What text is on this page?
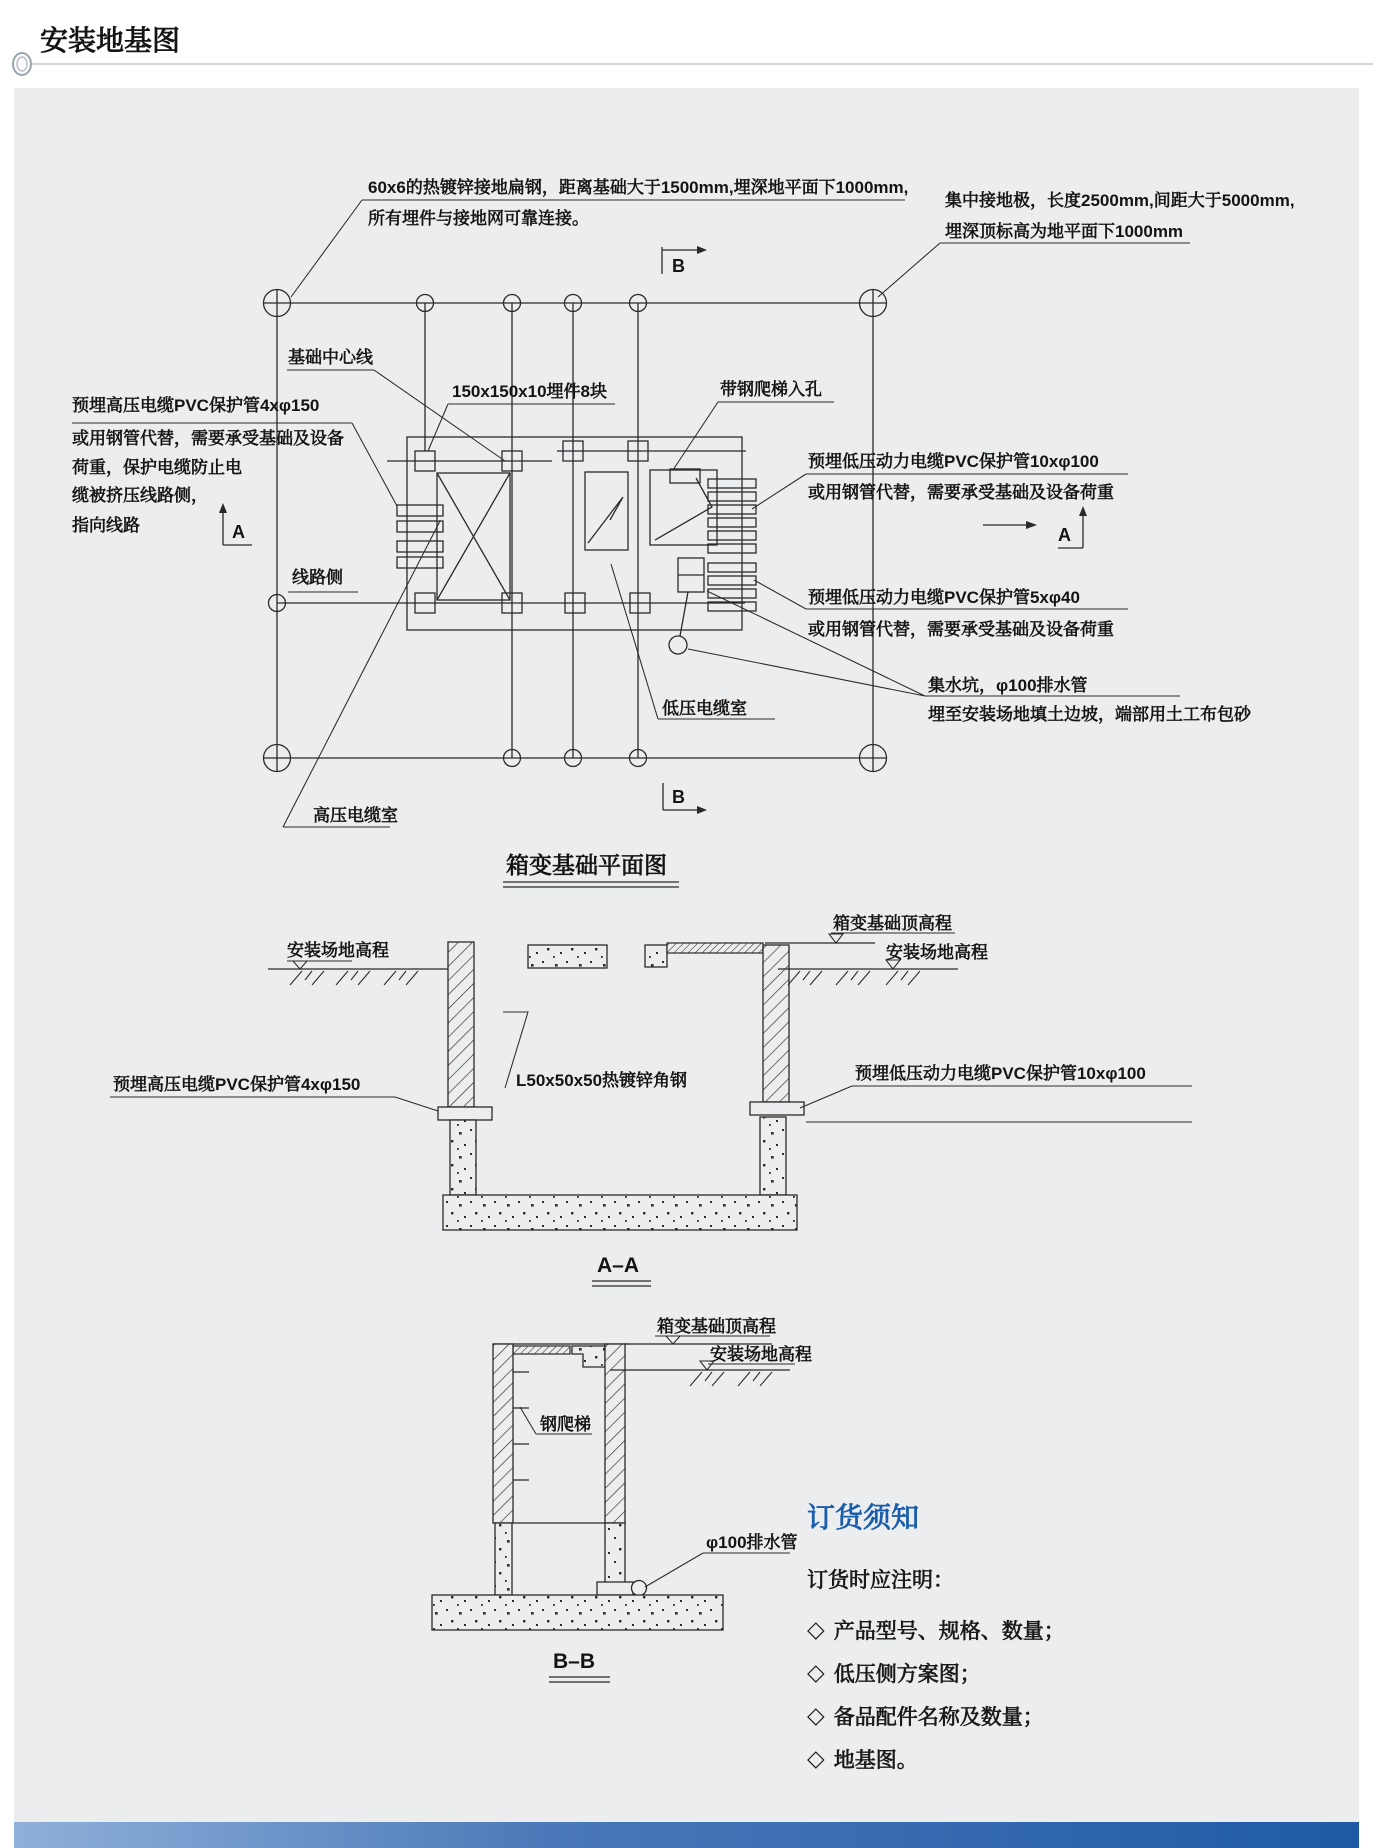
安装地基图
B
B
A	A
60x6的热镀锌接地扁钢，距离基础大于1500mm,埋深地平面下1000mm,
所有埋件与接地网可靠连接。
集中接地极，长度2500mm,间距大于5000mm,
埋深顶标高为地平面下1000mm
基础中心线
150x150x10埋件8块	带钢爬梯入孔
预埋高压电缆PVC保护管4xφ150
或用钢管代替，需要承受基础及设备
荷重，保护电缆防止电
缆被挤压线路侧，
指向线路
线路侧
预埋低压动力电缆PVC保护管10xφ100
或用钢管代替，需要承受基础及设备荷重
预埋低压动力电缆PVC保护管5xφ40
或用钢管代替，需要承受基础及设备荷重
集水坑，φ100排水管
埋至安装场地填土边坡，端部用土工布包砂
低压电缆室
高压电缆室
箱变基础平面图
安装场地高程
箱变基础顶高程
安装场地高程
预埋高压电缆PVC保护管4xφ150	L50x50x50热镀锌角钢	预埋低压动力电缆PVC保护管10xφ100
A–A
箱变基础顶高程
安装场地高程
钢爬梯
φ100排水管
B–B
订货须知
订货时应注明：
◇ 产品型号、规格、数量；
◇ 低压侧方案图；
◇ 备品配件名称及数量；
◇ 地基图。
